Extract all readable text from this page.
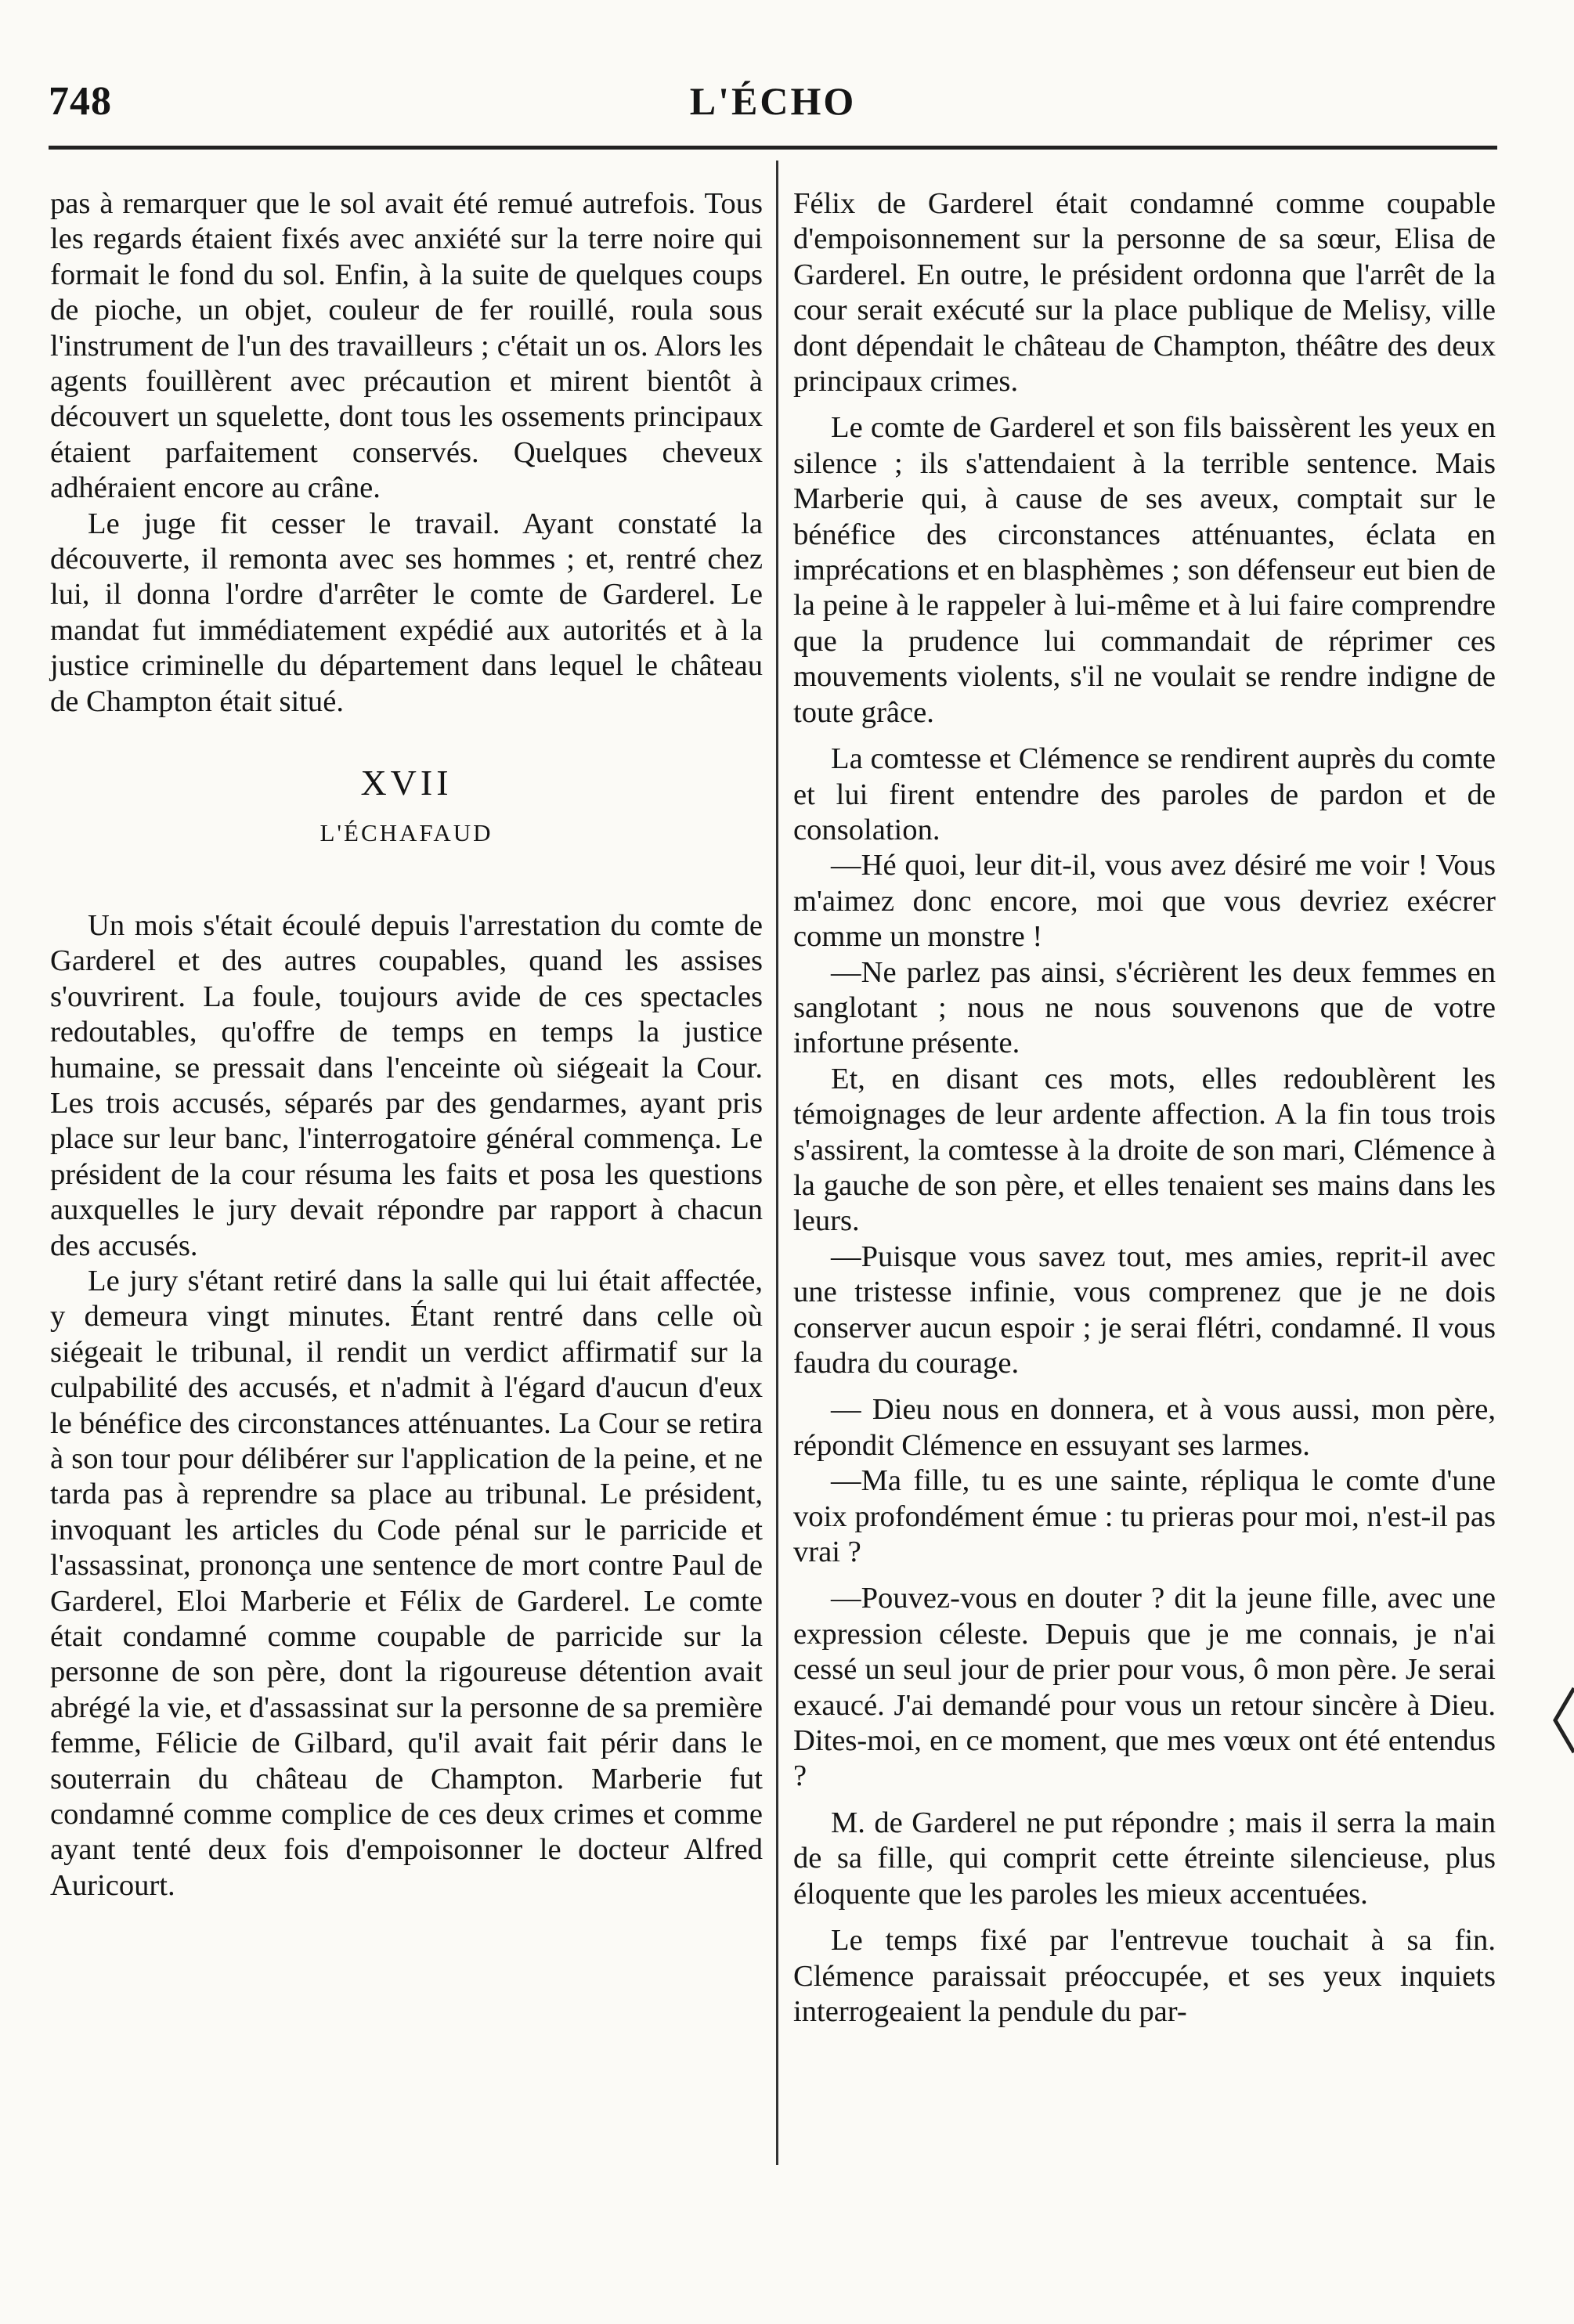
748	L'ÉCHO

pas à remarquer que le sol avait été remué autrefois. Tous les regards étaient fixés avec anxiété sur la terre noire qui formait le fond du sol. Enfin, à la suite de quelques coups de pioche, un objet, couleur de fer rouillé, roula sous l'instrument de l'un des travailleurs ; c'était un os. Alors les agents fouillèrent avec précaution et mirent bientôt à découvert un squelette, dont tous les ossements principaux étaient parfaitement conservés. Quelques cheveux adhéraient encore au crâne.

Le juge fit cesser le travail. Ayant constaté la découverte, il remonta avec ses hommes ; et, rentré chez lui, il donna l'ordre d'arrêter le comte de Garderel. Le mandat fut immédiatement expédié aux autorités et à la justice criminelle du département dans lequel le château de Champton était situé.

XVII
L'ÉCHAFAUD

Un mois s'était écoulé depuis l'arrestation du comte de Garderel et des autres coupables, quand les assises s'ouvrirent. La foule, toujours avide de ces spectacles redoutables, qu'offre de temps en temps la justice humaine, se pressait dans l'enceinte où siégeait la Cour. Les trois accusés, séparés par des gendarmes, ayant pris place sur leur banc, l'interrogatoire général commença. Le président de la cour résuma les faits et posa les questions auxquelles le jury devait répondre par rapport à chacun des accusés.

Le jury s'étant retiré dans la salle qui lui était affectée, y demeura vingt minutes. Étant rentré dans celle où siégeait le tribunal, il rendit un verdict affirmatif sur la culpabilité des accusés, et n'admit à l'égard d'aucun d'eux le bénéfice des circonstances atténuantes. La Cour se retira à son tour pour délibérer sur l'application de la peine, et ne tarda pas à reprendre sa place au tribunal. Le président, invoquant les articles du Code pénal sur le parricide et l'assassinat, prononça une sentence de mort contre Paul de Garderel, Eloi Marberie et Félix de Garderel. Le comte était condamné comme coupable de parricide sur la personne de son père, dont la rigoureuse détention avait abrégé la vie, et d'assassinat sur la personne de sa première femme, Félicie de Gilbard, qu'il avait fait périr dans le souterrain du château de Champton. Marberie fut condamné comme complice de ces deux crimes et comme ayant tenté deux fois d'empoisonner le docteur Alfred Auricourt.

Félix de Garderel était condamné comme coupable d'empoisonnement sur la personne de sa sœur, Elisa de Garderel. En outre, le président ordonna que l'arrêt de la cour serait exécuté sur la place publique de Melisy, ville dont dépendait le château de Champton, théâtre des deux principaux crimes.

Le comte de Garderel et son fils baissèrent les yeux en silence ; ils s'attendaient à la terrible sentence. Mais Marberie qui, à cause de ses aveux, comptait sur le bénéfice des circonstances atténuantes, éclata en imprécations et en blasphèmes ; son défenseur eut bien de la peine à le rappeler à lui-même et à lui faire comprendre que la prudence lui commandait de réprimer ces mouvements violents, s'il ne voulait se rendre indigne de toute grâce.

La comtesse et Clémence se rendirent auprès du comte et lui firent entendre des paroles de pardon et de consolation.

—Hé quoi, leur dit-il, vous avez désiré me voir ! Vous m'aimez donc encore, moi que vous devriez exécrer comme un monstre !

—Ne parlez pas ainsi, s'écrièrent les deux femmes en sanglotant ; nous ne nous souvenons que de votre infortune présente.

Et, en disant ces mots, elles redoublèrent les témoignages de leur ardente affection. A la fin tous trois s'assirent, la comtesse à la droite de son mari, Clémence à la gauche de son père, et elles tenaient ses mains dans les leurs.

—Puisque vous savez tout, mes amies, reprit-il avec une tristesse infinie, vous comprenez que je ne dois conserver aucun espoir ; je serai flétri, condamné. Il vous faudra du courage.

— Dieu nous en donnera, et à vous aussi, mon père, répondit Clémence en essuyant ses larmes.

—Ma fille, tu es une sainte, répliqua le comte d'une voix profondément émue : tu prieras pour moi, n'est-il pas vrai ?

—Pouvez-vous en douter ? dit la jeune fille, avec une expression céleste. Depuis que je me connais, je n'ai cessé un seul jour de prier pour vous, ô mon père. Je serai exaucé. J'ai demandé pour vous un retour sincère à Dieu. Dites-moi, en ce moment, que mes vœux ont été entendus ?

M. de Garderel ne put répondre ; mais il serra la main de sa fille, qui comprit cette étreinte silencieuse, plus éloquente que les paroles les mieux accentuées.

Le temps fixé par l'entrevue touchait à sa fin. Clémence paraissait préoccupée, et ses yeux inquiets interrogeaient la pendule du par-
